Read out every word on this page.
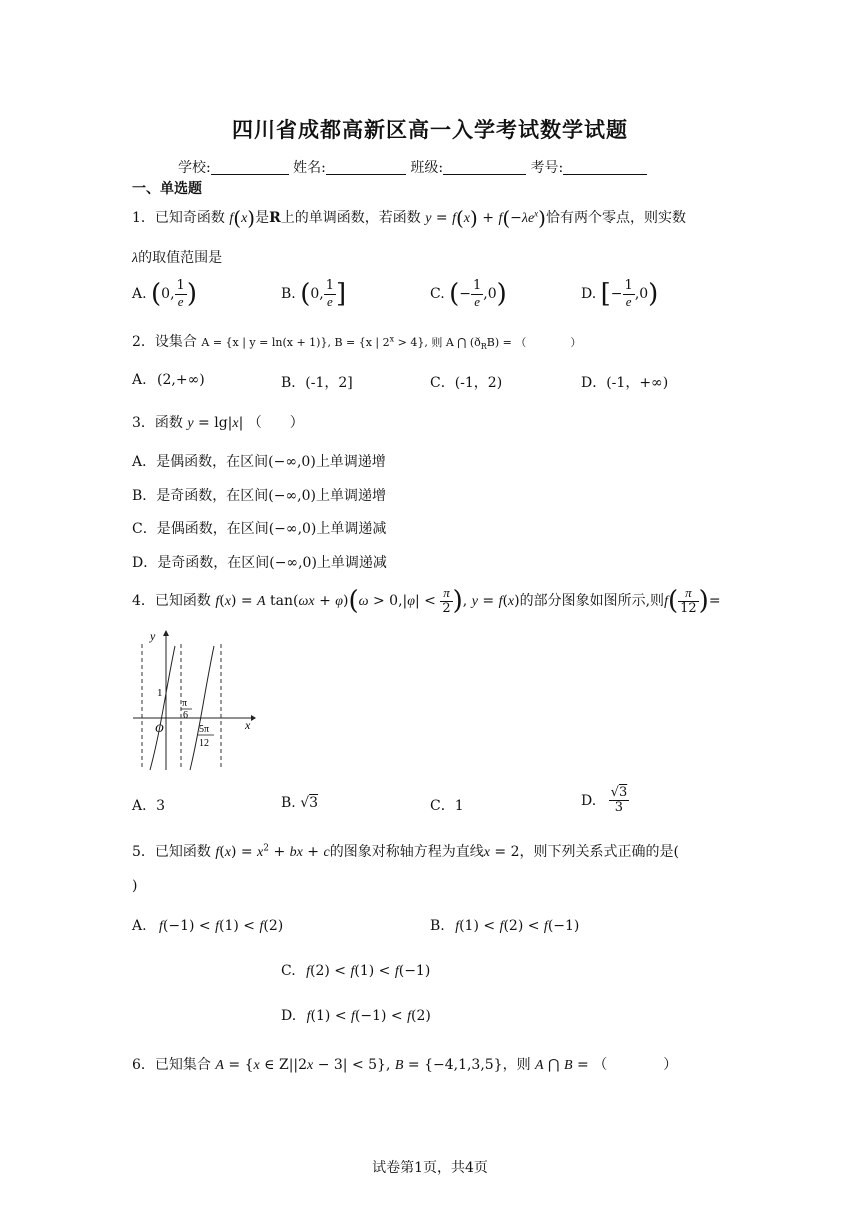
四川省成都高新区高一入学考试数学试题
学校:	姓名:	班级:	考号:
一、单选题
1．已知奇函数 f(x)是R上的单调函数，若函数 $y = f(x) + f(-\lambda e^x)$恰有两个零点，则实数
λ的取值范围是
A. (0, $\frac{1}{e}$ )	B. (0, $\frac{1}{e}$ ]	C. (− $\frac{1}{e} ,0$)	D. [− $\frac{1}{e} ,0$)
2．设集合 A = {x | y = ln(x + 1)}, B = {x | $2^x > 4$}, 则 A ⋂ $(ð_RB)$ = （　　　　）
A. (2,+∞)	B．(-1，2]	C．(-1，2)	D．(-1，+∞)
3．函数 y = lg|x| （　　）
A．是偶函数，在区间(−∞,0)上单调递增
B．是奇函数，在区间(−∞,0)上单调递增
C．是偶函数，在区间(−∞,0)上单调递减
D．是奇函数，在区间(−∞,0)上单调递减
4．已知函数 f(x) = A $\tan(\omega x + \varphi)(\omega > 0,|\varphi| < \frac{\pi}{2}$ ), y = f(x)的部分图象如图所示,则$f( \frac{\pi}{12}$ )=
y
x
O
1
π
6
5π
12
A．3	B. √3	C．1	D. $\frac{√3}{3}$
5．已知函数 $f(x) = x^2$ + bx + c的图象对称轴方程为直线x = 2，则下列关系式正确的是(
)
A. f(−1) < f(1) < f(2)	B. f(1) < f(2) < f(−1)
C. f(2) < f(1) < f(−1)
D. f(1) < f(−1) < f(2)
6．已知集合 A = {x ∈ Z||2x − 3| < 5}, B = {−4,1,3,5}，则 A ⋂ B = （　　　　）
试卷第1页，共4页
